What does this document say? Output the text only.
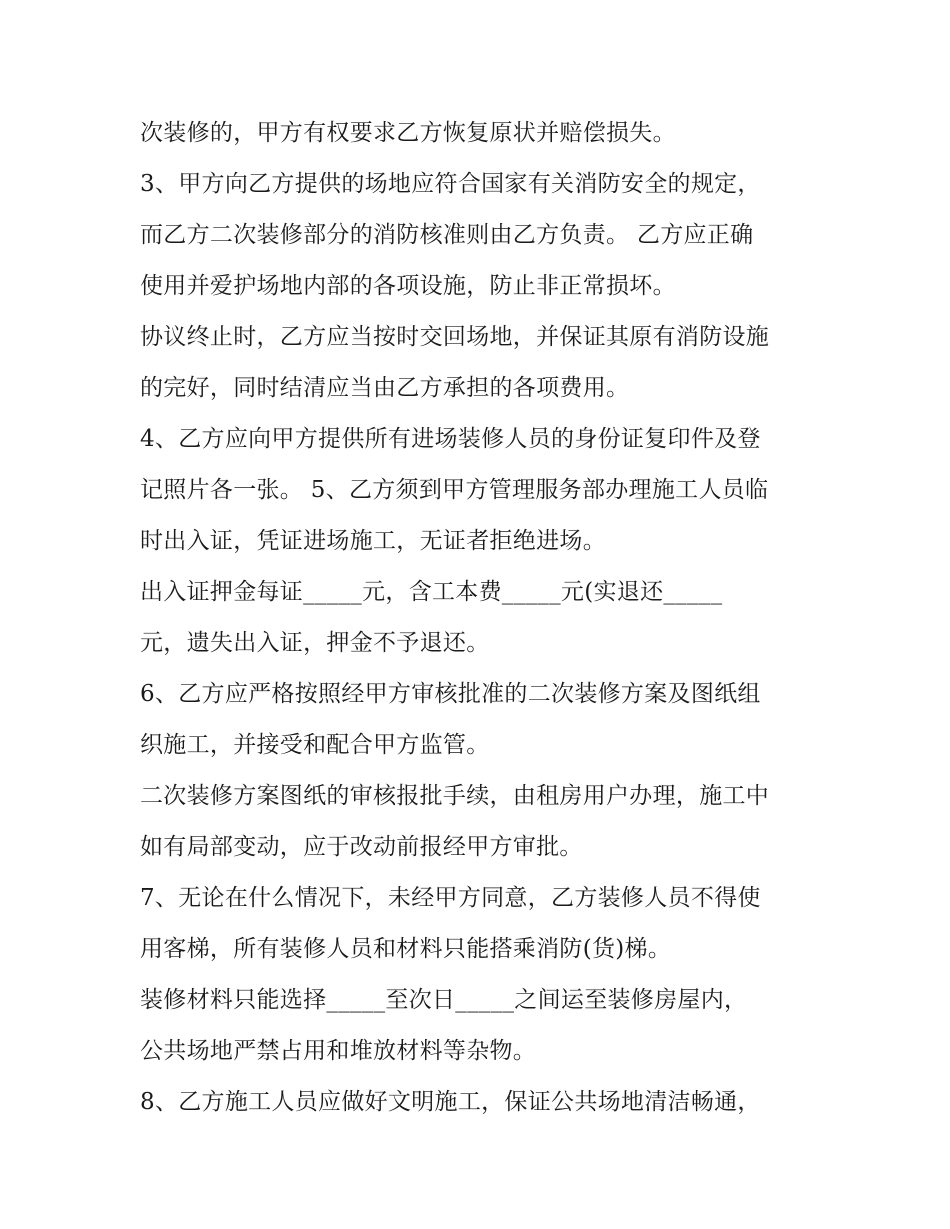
次装修的，甲方有权要求乙方恢复原状并赔偿损失。
3、甲方向乙方提供的场地应符合国家有关消防安全的规定，
而乙方二次装修部分的消防核准则由乙方负责。 乙方应正确
使用并爱护场地内部的各项设施，防止非正常损坏。
协议终止时，乙方应当按时交回场地，并保证其原有消防设施
的完好，同时结清应当由乙方承担的各项费用。
4、乙方应向甲方提供所有进场装修人员的身份证复印件及登
记照片各一张。 5、乙方须到甲方管理服务部办理施工人员临
时出入证，凭证进场施工，无证者拒绝进场。
出入证押金每证_____元，含工本费_____元(实退还_____
元，遗失出入证，押金不予退还。
6、乙方应严格按照经甲方审核批准的二次装修方案及图纸组
织施工，并接受和配合甲方监管。
二次装修方案图纸的审核报批手续，由租房用户办理，施工中
如有局部变动，应于改动前报经甲方审批。
7、无论在什么情况下，未经甲方同意，乙方装修人员不得使
用客梯，所有装修人员和材料只能搭乘消防(货)梯。
装修材料只能选择_____至次日_____之间运至装修房屋内，
公共场地严禁占用和堆放材料等杂物。
8、乙方施工人员应做好文明施工，保证公共场地清洁畅通，
